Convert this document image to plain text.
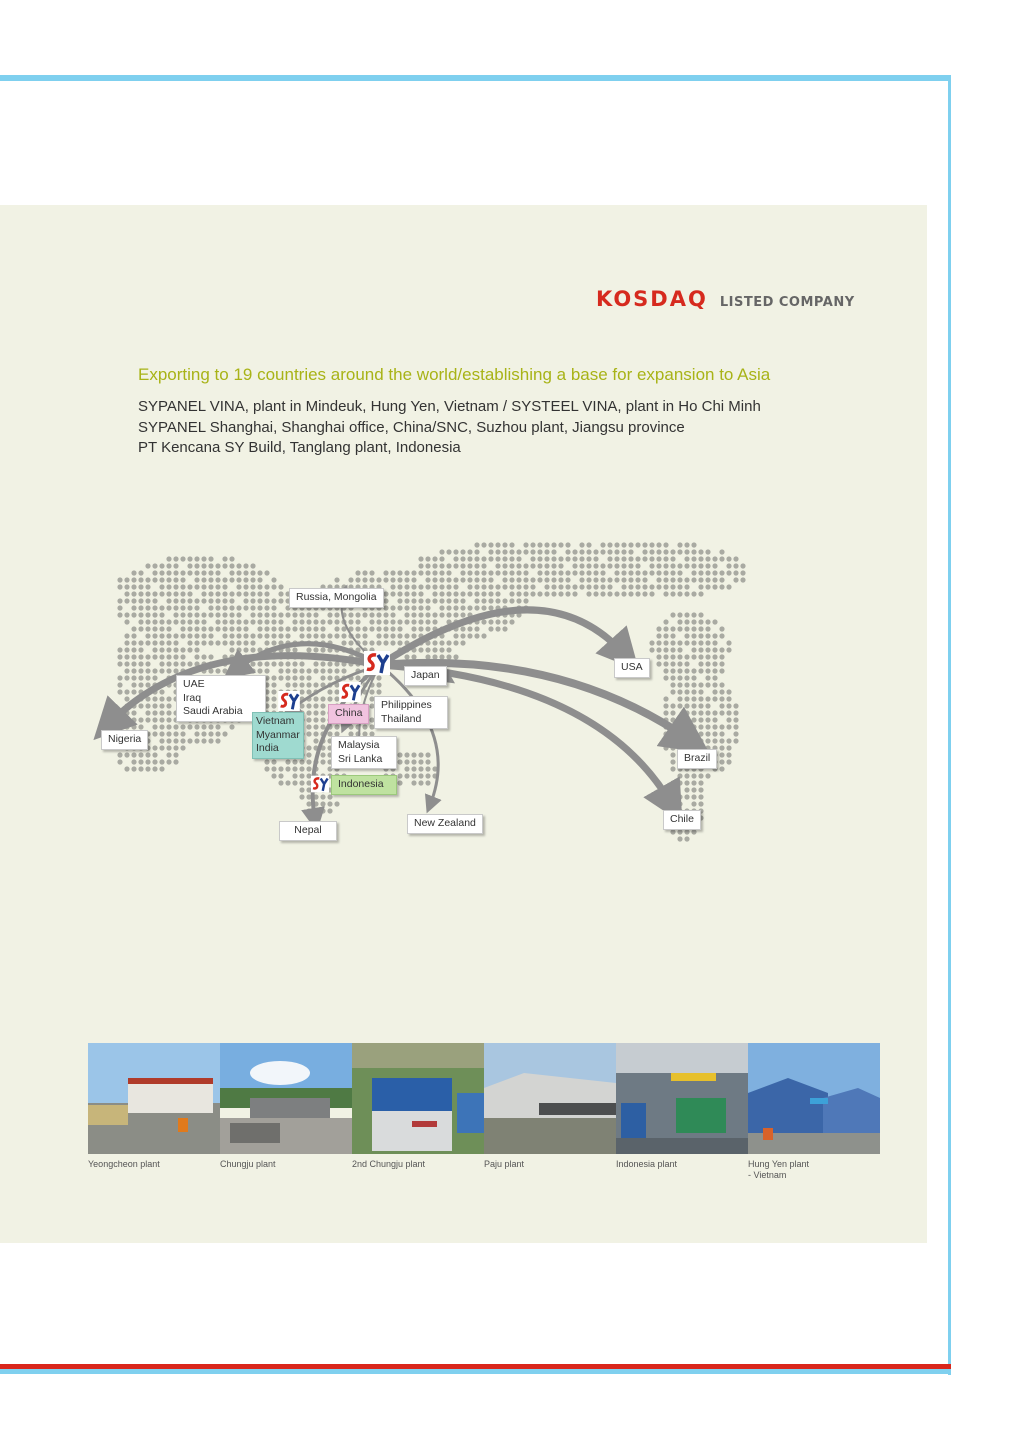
KOSDAQ LISTED COMPANY
Exporting to 19 countries around the world/establishing a base for expansion to Asia
SYPANEL VINA, plant in Mindeuk, Hung Yen, Vietnam / SYSTEEL VINA, plant in Ho Chi Minh
SYPANEL Shanghai, Shanghai office, China/SNC, Suzhou plant, Jiangsu province
PT Kencana SY Build, Tanglang plant, Indonesia
Russia, Mongolia
Japan
USA
UAE
Iraq
Saudi Arabia
Vietnam
Myanmar
India
China
Philippines
Thailand
Malaysia
Sri Lanka
Indonesia
Nigeria
Brazil
Chile
Nepal
New Zealand
Yeongcheon plant	Chungju plant	2nd Chungju plant	Paju plant	Indonesia plant	Hung Yen plant
- Vietnam
